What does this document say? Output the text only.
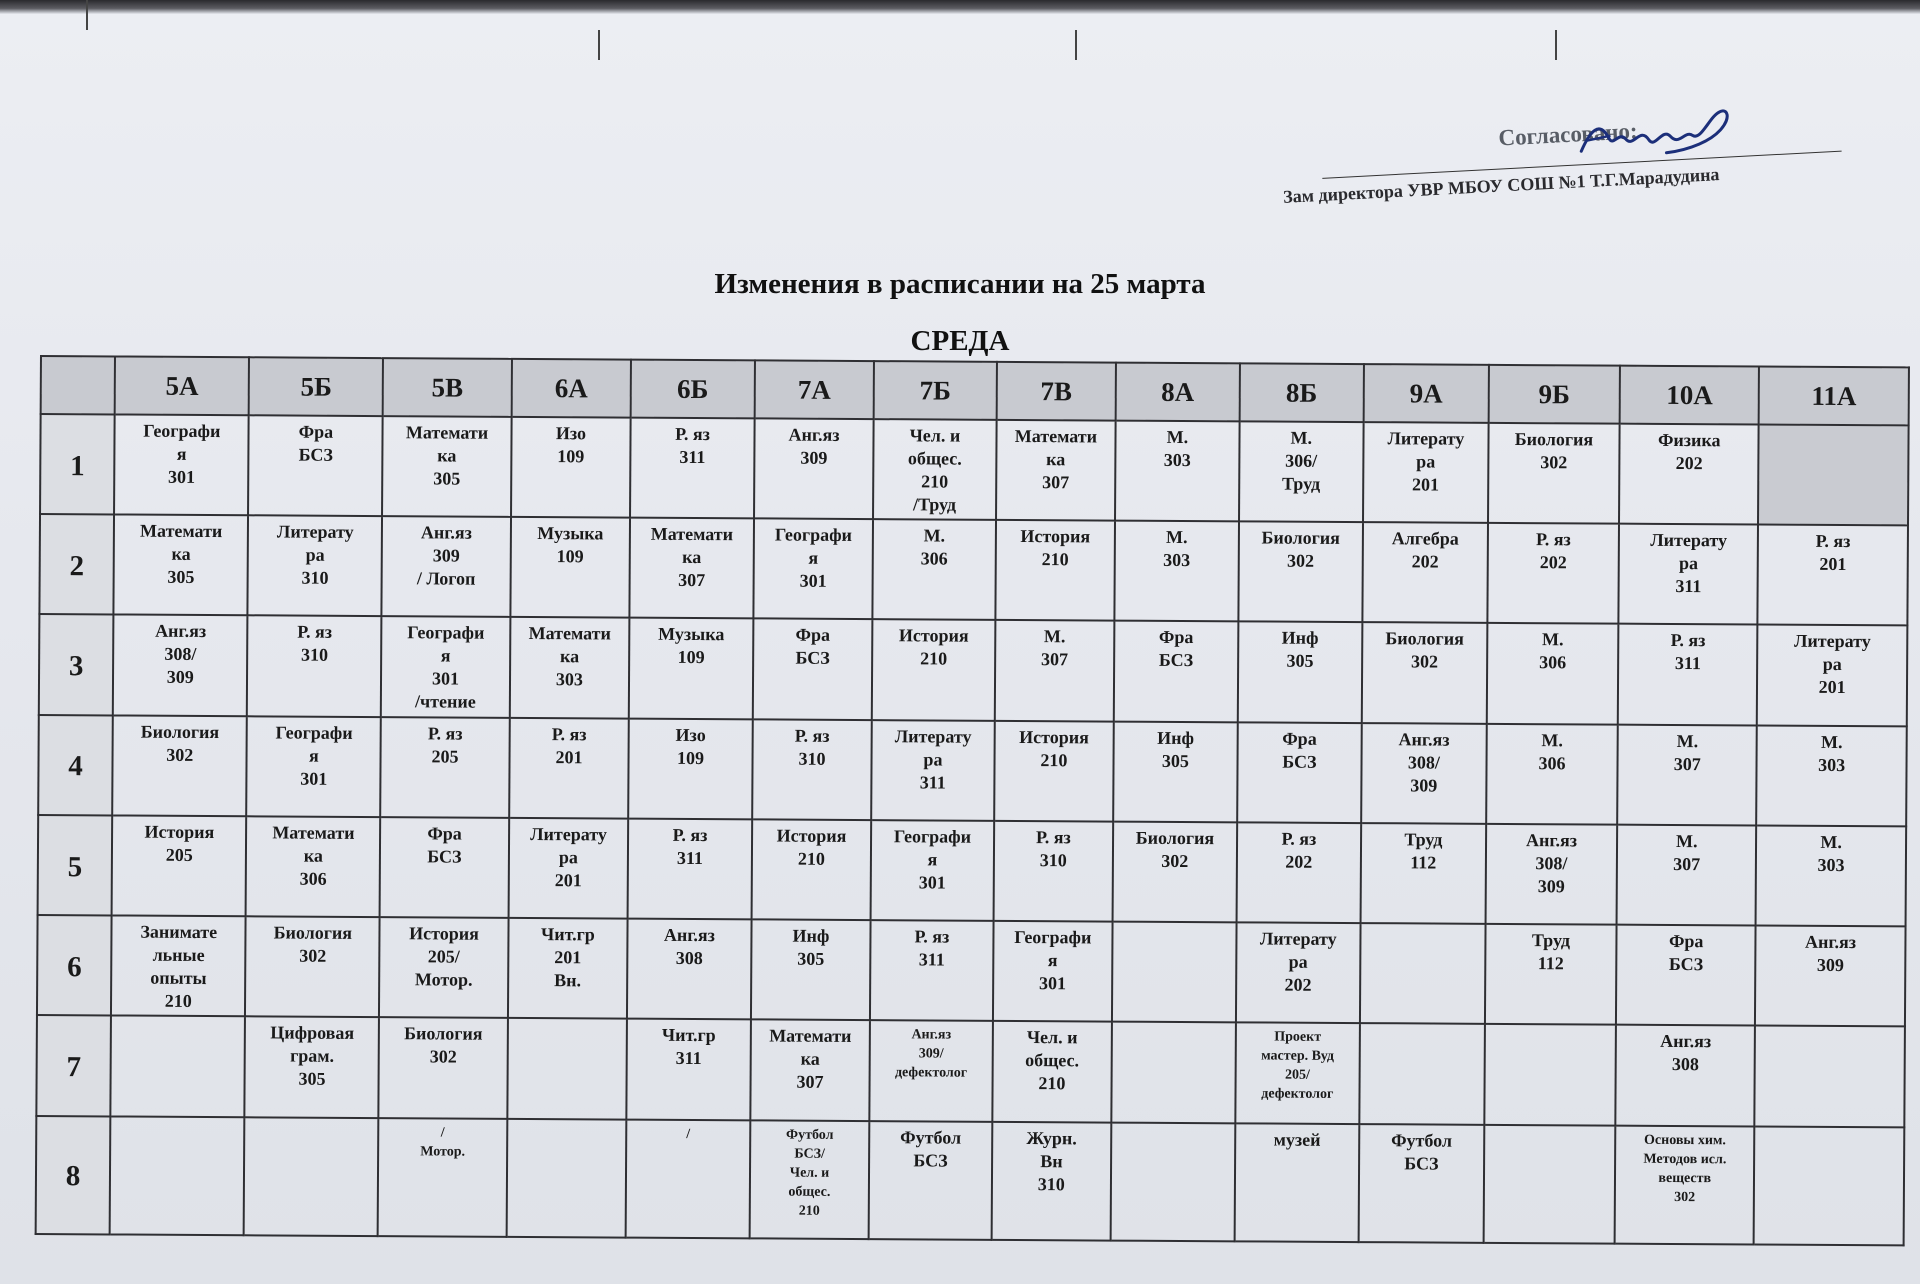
Согласовано:
Зам директора УВР МБОУ СОШ №1 Т.Г.Марадудина
Изменения в расписании на 25 марта
СРЕДА
	5А	5Б	5В	6А	6Б	7А	7Б	7В	8А	8Б	9А	9Б	10А	11А
1	Географи
я
301	Фра
БСЗ	Математи
ка
305	Изо
109	Р. яз
311	Анг.яз
309	Чел. и
общес.
210
/Труд	Математи
ка
307	М.
303	М.
306/
Труд	Литерату
ра
201	Биология
302	Физика
202	

2	Математи
ка
305	Литерату
ра
310	Анг.яз
309
/ Логоп	Музыка
109	Математи
ка
307	Географи
я
301	М.
306	История
210	М.
303	Биология
302	Алгебра
202	Р. яз
202	Литерату
ра
311	Р. яз
201

3	Анг.яз
308/
309	Р. яз
310	Географи
я
301
/чтение	Математи
ка
303	Музыка
109	Фра
БСЗ	История
210	М.
307	Фра
БСЗ	Инф
305	Биология
302	М.
306	Р. яз
311	Литерату
ра
201

4	Биология
302	Географи
я
301	Р. яз
205	Р. яз
201	Изо
109	Р. яз
310	Литерату
ра
311	История
210	Инф
305	Фра
БСЗ	Анг.яз
308/
309	М.
306	М.
307	М.
303

5	История
205	Математи
ка
306	Фра
БСЗ	Литерату
ра
201	Р. яз
311	История
210	Географи
я
301	Р. яз
310	Биология
302	Р. яз
202	Труд
112	Анг.яз
308/
309	М.
307	М.
303

6	Занимате
льные
опыты
210	Биология
302	История
205/
Мотор.	Чит.гр
201
Вн.	Анг.яз
308	Инф
305	Р. яз
311	Географи
я
301		Литерату
ра
202		Труд
112	Фра
БСЗ	Анг.яз
309

7		Цифровая
грам.
305	Биология
302		Чит.гр
311	Математи
ка
307	Анг.яз
309/
дефектолог	Чел. и
общес.
210		Проект
мастер. Вуд
205/
дефектолог			Анг.яз
308	

8			/
Мотор.		/	Футбол
БСЗ/
Чел. и
общес.
210	Футбол
БСЗ	Журн.
Вн
310		музей	Футбол
БСЗ		Основы хим.
Методов исл.
веществ
302	
